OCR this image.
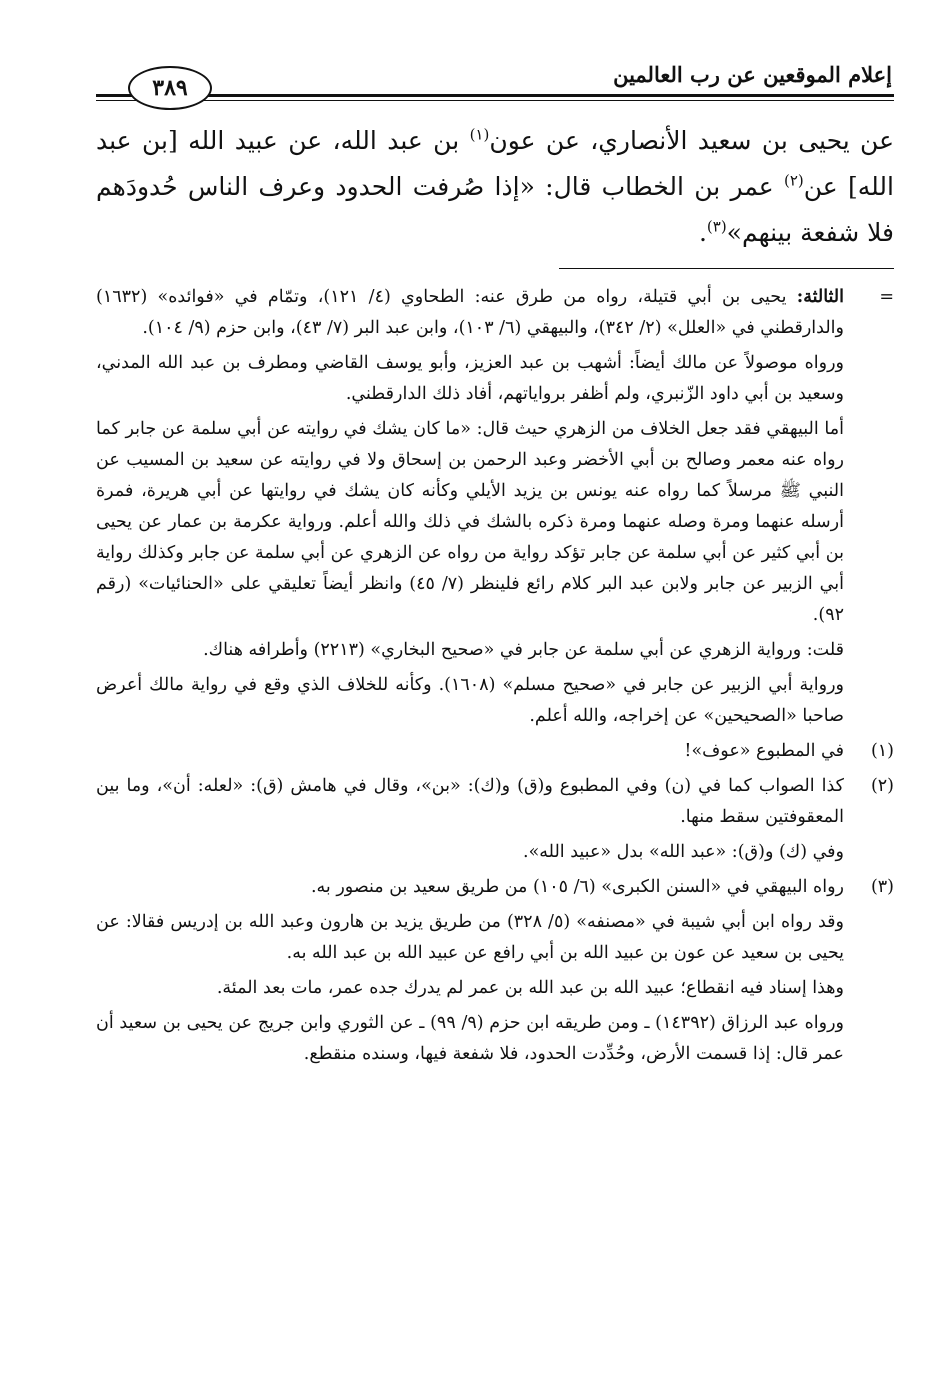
إعلام الموقعين عن رب العالمين
٣٨٩

عن يحيى بن سعيد الأنصاري، عن عون$^{(١)}$ بن عبد الله، عن عبيد الله [بن عبد الله] عن$^{(٢)}$ عمر بن الخطاب قال: «إذا صُرفت الحدود وعرف الناس حُدودَهم فلا شفعة بينهم»$^{(٣)}$.

=
الثالثة: يحيى بن أبي قتيلة، رواه من طرق عنه: الطحاوي (٤/ ١٢١)، وتمّام في «فوائده» (١٦٣٢) والدارقطني في «العلل» (٢/ ٣٤٢)، والبيهقي (٦/ ١٠٣)، وابن عبد البر (٧/ ٤٣)، وابن حزم (٩/ ١٠٤).

ورواه موصولاً عن مالك أيضاً: أشهب بن عبد العزيز، وأبو يوسف القاضي ومطرف بن عبد الله المدني، وسعيد بن أبي داود الزّنبري، ولم أظفر برواياتهم، أفاد ذلك الدارقطني.

أما البيهقي فقد جعل الخلاف من الزهري حيث قال: «ما كان يشك في روايته عن أبي سلمة عن جابر كما رواه عنه معمر وصالح بن أبي الأخضر وعبد الرحمن بن إسحاق ولا في روايته عن سعيد بن المسيب عن النبي ﷺ مرسلاً كما رواه عنه يونس بن يزيد الأيلي وكأنه كان يشك في روايتها عن أبي هريرة، فمرة أرسله عنهما ومرة وصله عنهما ومرة ذكره بالشك في ذلك والله أعلم. ورواية عكرمة بن عمار عن يحيى بن أبي كثير عن أبي سلمة عن جابر تؤكد رواية من رواه عن الزهري عن أبي سلمة عن جابر وكذلك رواية أبي الزبير عن جابر ولابن عبد البر كلام رائع فلينظر (٧/ ٤٥) وانظر أيضاً تعليقي على «الحنائيات» (رقم ٩٢).

قلت: ورواية الزهري عن أبي سلمة عن جابر في «صحيح البخاري» (٢٢١٣) وأطرافه هناك.

ورواية أبي الزبير عن جابر في «صحيح مسلم» (١٦٠٨). وكأنه للخلاف الذي وقع في رواية مالك أعرض صاحبا «الصحيحين» عن إخراجه، والله أعلم.

(١)
في المطبوع «عوف»!

(٢)
كذا الصواب كما في (ن) وفي المطبوع و(ق) و(ك): «بن»، وقال في هامش (ق): «لعله: أن»، وما بين المعقوفتين سقط منها.

وفي (ك) و(ق): «عبد الله» بدل «عبيد الله».

(٣)
رواه البيهقي في «السنن الكبرى» (٦/ ١٠٥) من طريق سعيد بن منصور به.

وقد رواه ابن أبي شيبة في «مصنفه» (٥/ ٣٢٨) من طريق يزيد بن هارون وعبد الله بن إدريس فقالا: عن يحيى بن سعيد عن عون بن عبيد الله بن أبي رافع عن عبيد الله بن عبد الله به.

وهذا إسناد فيه انقطاع؛ عبيد الله بن عبد الله بن عمر لم يدرك جده عمر، مات بعد المئة.

ورواه عبد الرزاق (١٤٣٩٢) ـ ومن طريقه ابن حزم (٩/ ٩٩) ـ عن الثوري وابن جريج عن يحيى بن سعيد أن عمر قال: إذا قسمت الأرض، وحُدِّدت الحدود، فلا شفعة فيها، وسنده منقطع.
